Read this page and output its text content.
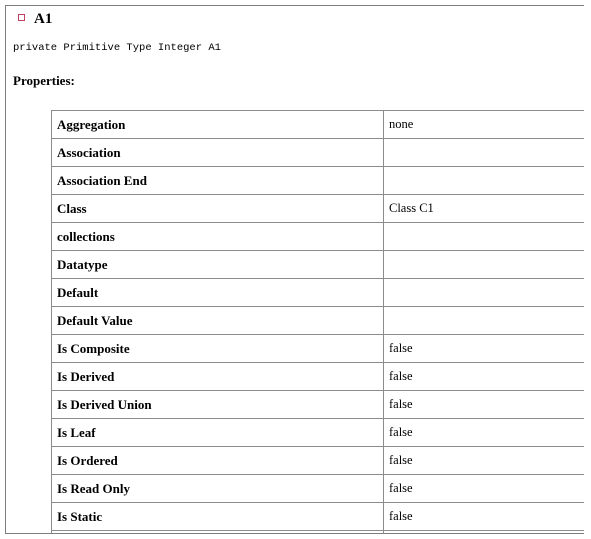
A1
private Primitive Type Integer A1
Properties:
Aggregation	none
Association	
Association End	
Class	Class C1
collections	
Datatype	
Default	
Default Value	
Is Composite	false
Is Derived	false
Is Derived Union	false
Is Leaf	false
Is Ordered	false
Is Read Only	false
Is Static	false
